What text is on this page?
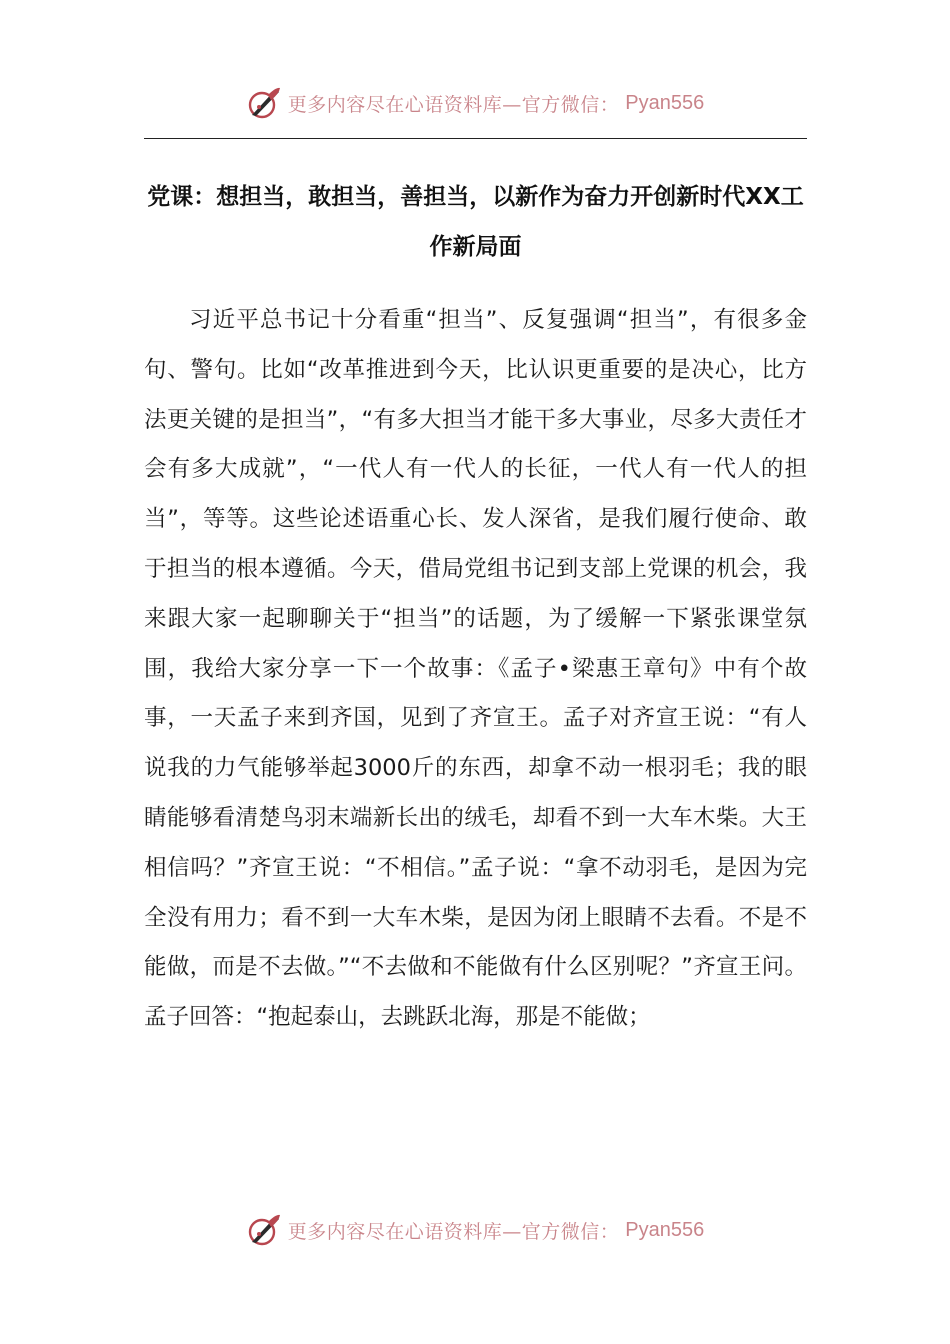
更多内容尽在心语资料库—官方微信： Pyan556
党课：想担当，敢担当，善担当，以新作为奋力开创新时代XX工作新局面

习近平总书记十分看重“担当”、反复强调“担当”，有很多金句、警句。比如“改革推进到今天，比认识更重要的是决心，比方法更关键的是担当”，“有多大担当才能干多大事业，尽多大责任才会有多大成就”，“一代人有一代人的长征，一代人有一代人的担当”，等等。这些论述语重心长、发人深省，是我们履行使命、敢于担当的根本遵循。今天，借局党组书记到支部上党课的机会，我来跟大家一起聊聊关于“担当”的话题，为了缓解一下紧张课堂氛围，我给大家分享一下一个故事：《孟子•梁惠王章句》中有个故事，一天孟子来到齐国，见到了齐宣王。孟子对齐宣王说：“有人说我的力气能够举起3000斤的东西，却拿不动一根羽毛；我的眼睛能够看清楚鸟羽末端新长出的绒毛，却看不到一大车木柴。大王相信吗？”齐宣王说：“不相信。”孟子说：“拿不动羽毛，是因为完全没有用力；看不到一大车木柴，是因为闭上眼睛不去看。不是不能做，而是不去做。”“不去做和不能做有什么区别呢？”齐宣王问。孟子回答：“抱起泰山，去跳跃北海，那是不能做；

更多内容尽在心语资料库—官方微信： Pyan556
